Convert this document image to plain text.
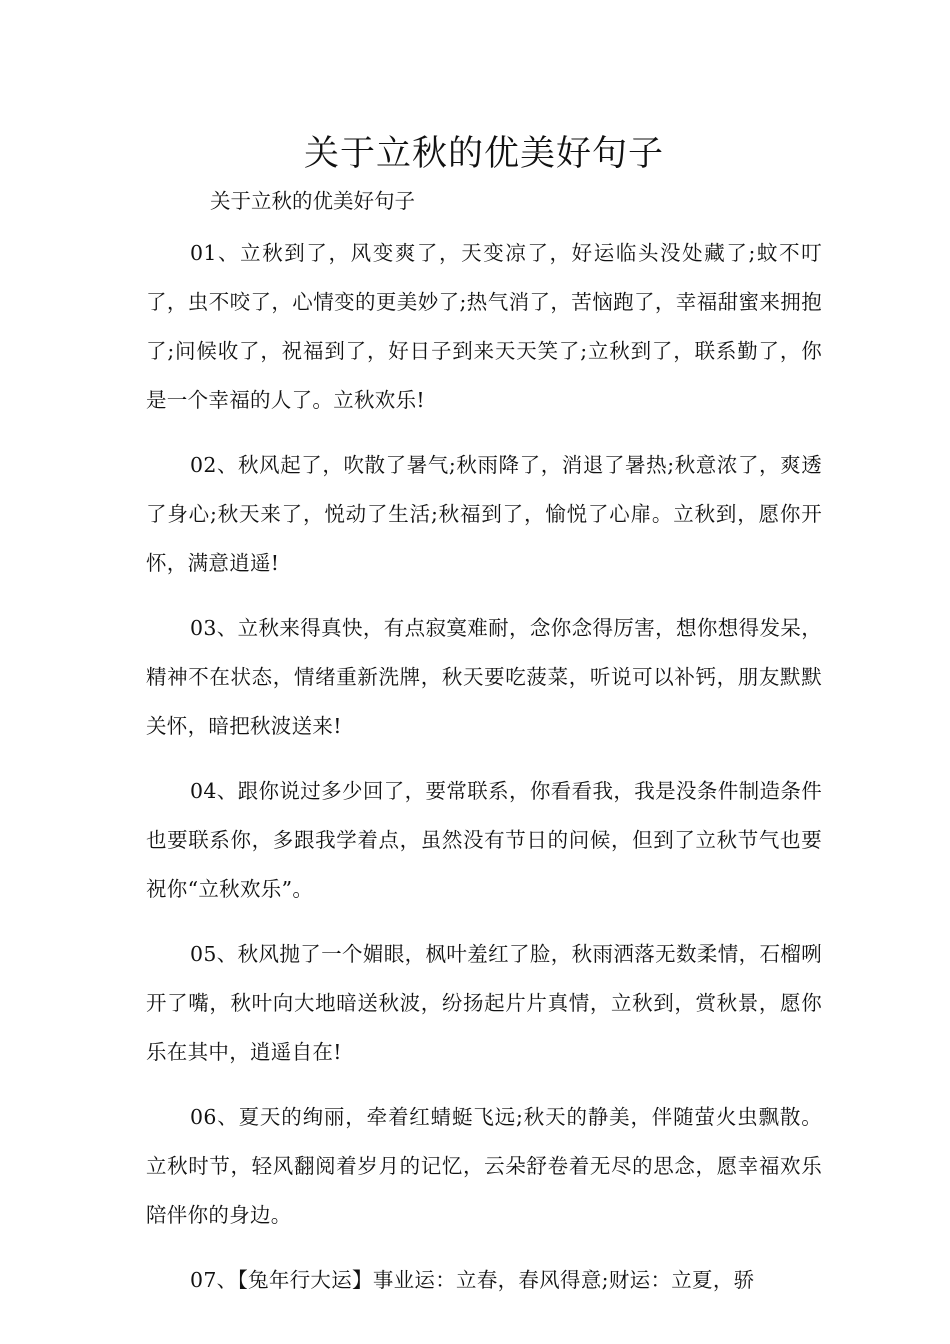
关于立秋的优美好句子

关于立秋的优美好句子

01、立秋到了，风变爽了，天变凉了，好运临头没处藏了;蚊不叮了，虫不咬了，心情变的更美妙了;热气消了，苦恼跑了，幸福甜蜜来拥抱了;问候收了，祝福到了，好日子到来天天笑了;立秋到了，联系勤了，你是一个幸福的人了。立秋欢乐!

02、秋风起了，吹散了暑气;秋雨降了，消退了暑热;秋意浓了，爽透了身心;秋天来了，悦动了生活;秋福到了，愉悦了心扉。立秋到，愿你开怀，满意逍遥!

03、立秋来得真快，有点寂寞难耐，念你念得厉害，想你想得发呆，精神不在状态，情绪重新洗牌，秋天要吃菠菜，听说可以补钙，朋友默默关怀，暗把秋波送来!

04、跟你说过多少回了，要常联系，你看看我，我是没条件制造条件也要联系你，多跟我学着点，虽然没有节日的问候，但到了立秋节气也要祝你“立秋欢乐”。

05、秋风抛了一个媚眼，枫叶羞红了脸，秋雨洒落无数柔情，石榴咧开了嘴，秋叶向大地暗送秋波，纷扬起片片真情，立秋到，赏秋景，愿你乐在其中，逍遥自在!

06、夏天的绚丽，牵着红蜻蜓飞远;秋天的静美，伴随萤火虫飘散。立秋时节，轻风翻阅着岁月的记忆，云朵舒卷着无尽的思念，愿幸福欢乐陪伴你的身边。

07、【兔年行大运】事业运：立春，春风得意;财运：立夏，骄
